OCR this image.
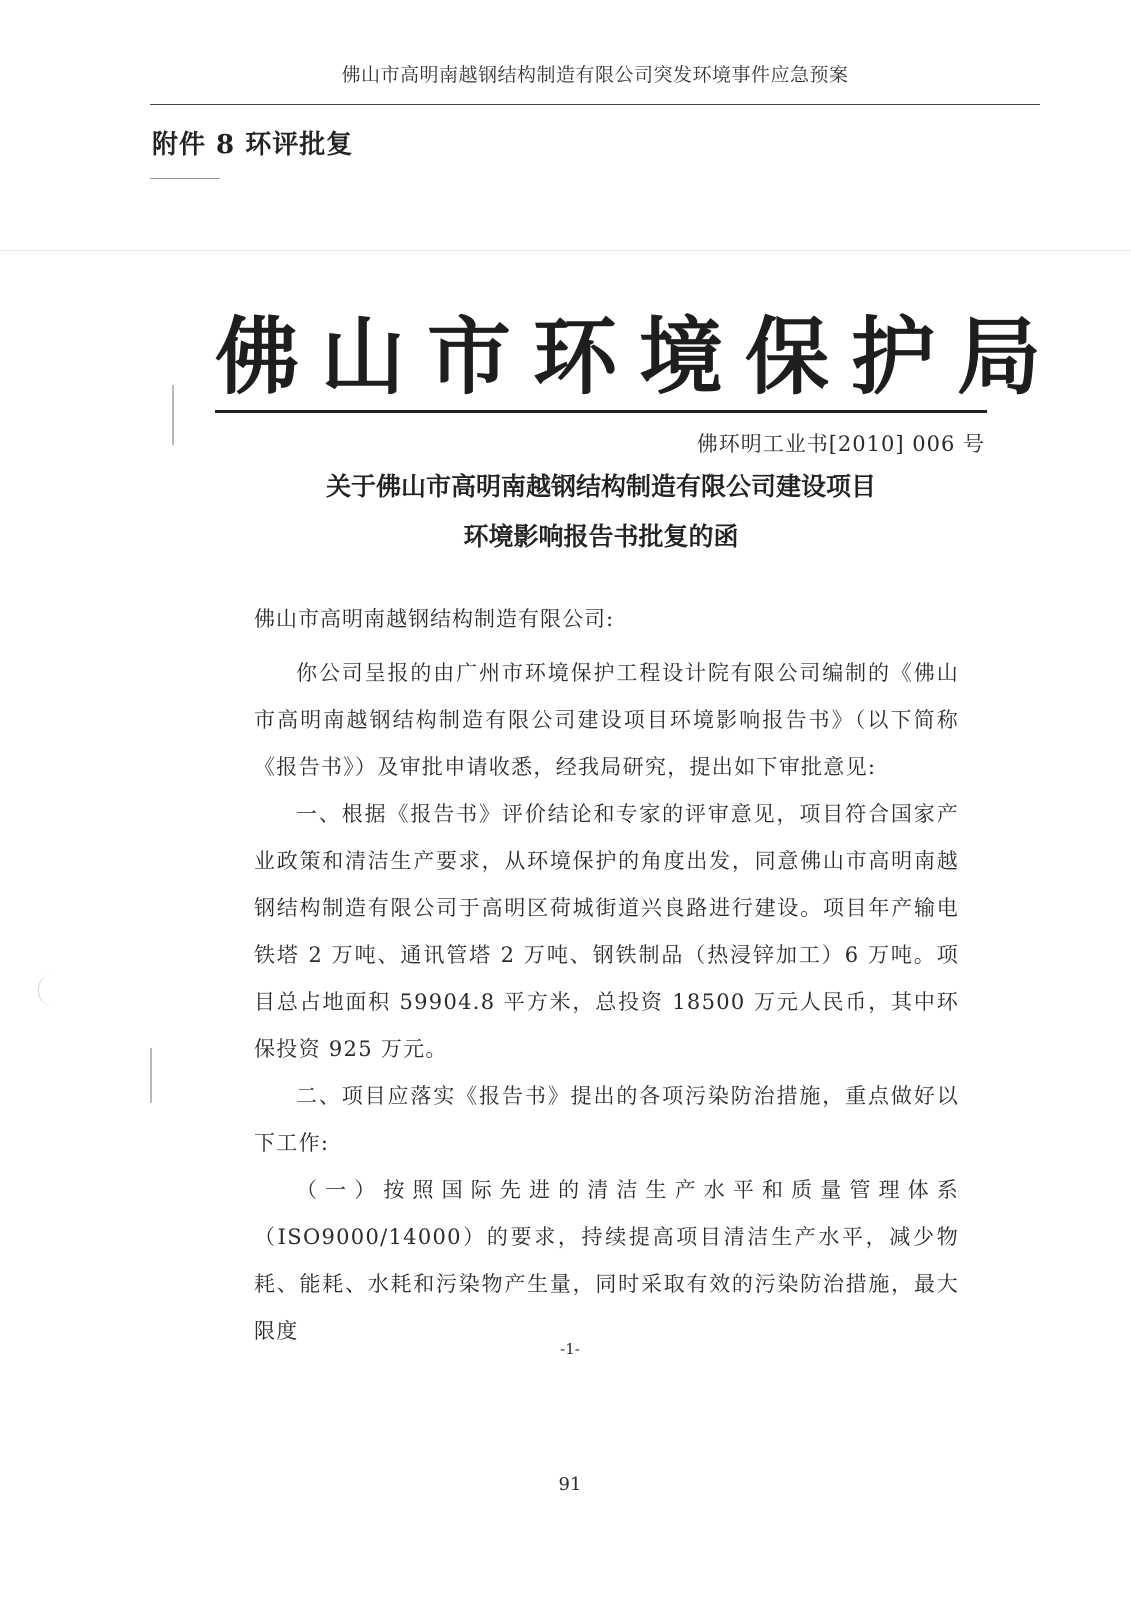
佛山市高明南越钢结构制造有限公司突发环境事件应急预案
附件 8 环评批复
佛山市环境保护局
佛环明工业书[2010] 006 号
关于佛山市高明南越钢结构制造有限公司建设项目
环境影响报告书批复的函
佛山市高明南越钢结构制造有限公司:

你公司呈报的由广州市环境保护工程设计院有限公司编制的《佛山市高明南越钢结构制造有限公司建设项目环境影响报告书》（以下简称《报告书》）及审批申请收悉，经我局研究，提出如下审批意见:

一、根据《报告书》评价结论和专家的评审意见，项目符合国家产业政策和清洁生产要求，从环境保护的角度出发，同意佛山市高明南越钢结构制造有限公司于高明区荷城街道兴良路进行建设。项目年产输电铁塔 2 万吨、通讯管塔 2 万吨、钢铁制品（热浸锌加工）6 万吨。项目总占地面积 59904.8 平方米，总投资 18500 万元人民币，其中环保投资 925 万元。

二、项目应落实《报告书》提出的各项污染防治措施，重点做好以下工作:

（一）按照国际先进的清洁生产水平和质量管理体系（ISO9000/14000）的要求，持续提高项目清洁生产水平，减少物耗、能耗、水耗和污染物产生量，同时采取有效的污染防治措施，最大限度

-1-
91
